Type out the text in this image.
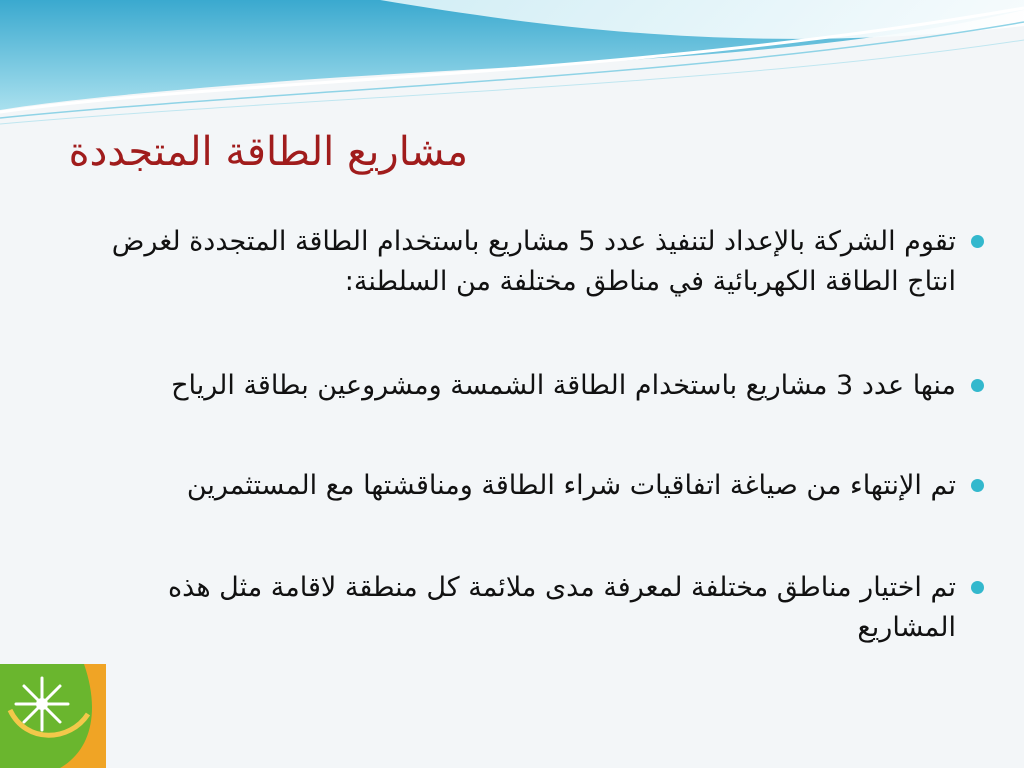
مشاريع الطاقة المتجددة
تقوم الشركة بالإعداد لتنفيذ عدد 5 مشاريع باستخدام الطاقة المتجددة لغرض انتاج الطاقة الكهربائية في مناطق مختلفة من السلطنة:
منها عدد 3 مشاريع باستخدام الطاقة الشمسة ومشروعين بطاقة الرياح
تم الإنتهاء من صياغة اتفاقيات شراء الطاقة ومناقشتها مع المستثمرين
تم اختيار مناطق مختلفة لمعرفة مدى ملائمة كل منطقة لاقامة مثل هذه المشاريع
